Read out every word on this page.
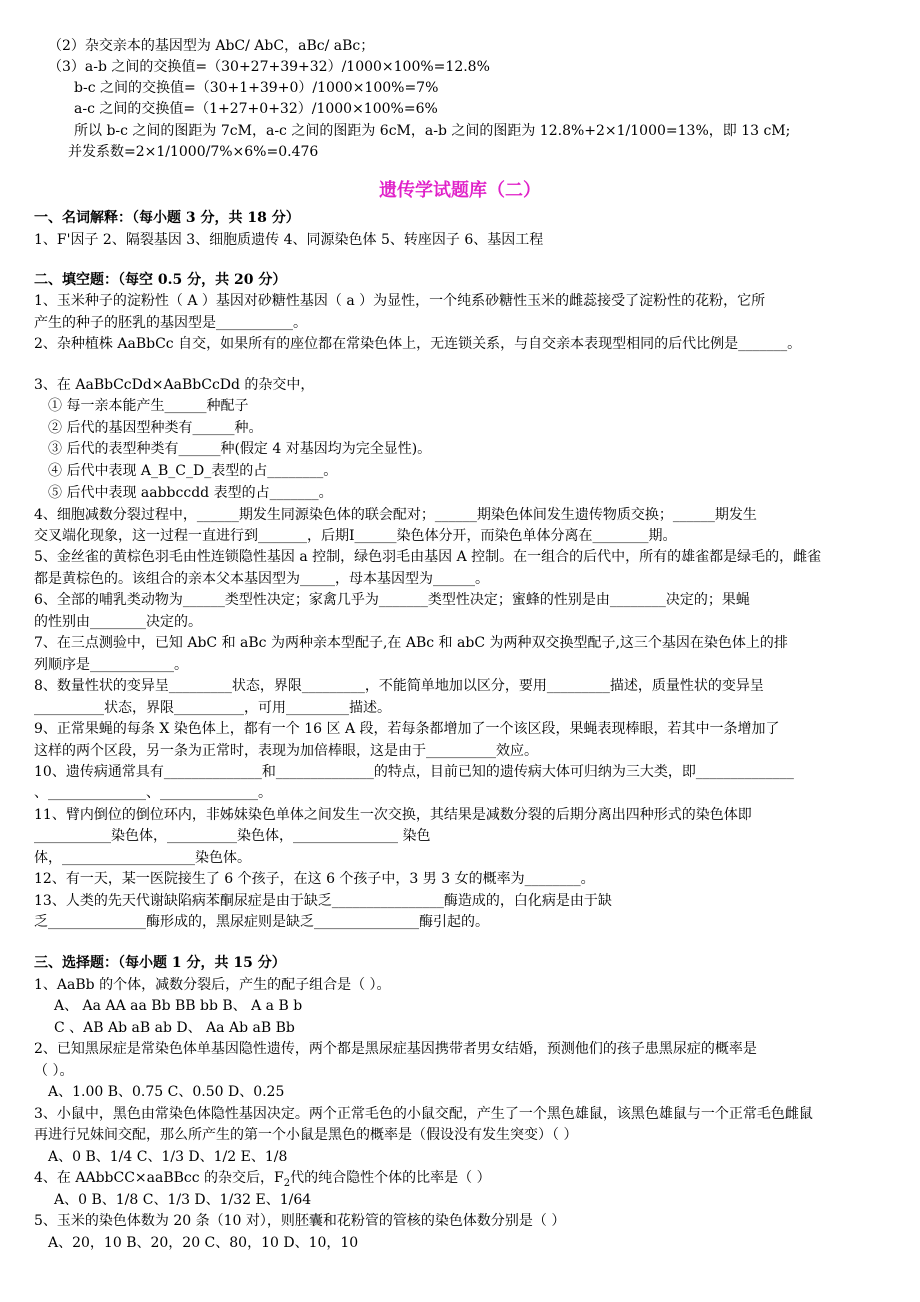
（2）杂交亲本的基因型为 AbC/ AbC，aBc/ aBc；
（3）a-b 之间的交换值=（30+27+39+32）/1000×100%=12.8%
b-c 之间的交换值=（30+1+39+0）/1000×100%=7%
a-c 之间的交换值=（1+27+0+32）/1000×100%=6%
所以 b-c 之间的图距为 7cM，a-c 之间的图距为 6cM，a-b 之间的图距为 12.8%+2×1/1000=13%，即 13 cM;
并发系数=2×1/1000/7%×6%=0.476
遗传学试题库（二）
一、名词解释：（每小题 3 分，共 18 分）
1、F'因子 2、隔裂基因 3、细胞质遗传 4、同源染色体 5、转座因子 6、基因工程
二、填空题：（每空 0.5 分，共 20 分）
1、玉米种子的淀粉性（ A ）基因对砂糖性基因（ a ）为显性，一个纯系砂糖性玉米的雌蕊接受了淀粉性的花粉，它所
产生的种子的胚乳的基因型是___________。
2、杂种植株 AaBbCc 自交，如果所有的座位都在常染色体上，无连锁关系，与自交亲本表现型相同的后代比例是_______。
3、在 AaBbCcDd×AaBbCcDd 的杂交中，
① 每一亲本能产生______种配子
② 后代的基因型种类有______种。
③ 后代的表型种类有______种(假定 4 对基因均为完全显性)。
④ 后代中表现 A_B_C_D_表型的占________。
⑤ 后代中表现 aabbccdd 表型的占_______。
4、细胞减数分裂过程中，______期发生同源染色体的联会配对；______期染色体间发生遗传物质交换；______期发生
交叉端化现象，这一过程一直进行到_______，后期Ⅰ______染色体分开，而染色单体分离在________期。
5、金丝雀的黄棕色羽毛由性连锁隐性基因 a 控制，绿色羽毛由基因 A 控制。在一组合的后代中，所有的雄雀都是绿毛的，雌雀
都是黄棕色的。该组合的亲本父本基因型为_____，母本基因型为______。
6、全部的哺乳类动物为______类型性决定；家禽几乎为_______类型性决定；蜜蜂的性别是由________决定的；果蝇
的性别由________决定的。
7、在三点测验中，已知 AbC 和 aBc 为两种亲本型配子,在 ABc 和 abC 为两种双交换型配子,这三个基因在染色体上的排
列顺序是____________。
8、数量性状的变异呈_________状态，界限_________，不能简单地加以区分，要用_________描述，质量性状的变异呈
__________状态，界限__________，可用_________描述。
9、正常果蝇的每条 X 染色体上，都有一个 16 区 A 段，若每条都增加了一个该区段，果蝇表现棒眼，若其中一条增加了
这样的两个区段，另一条为正常时，表现为加倍棒眼，这是由于__________效应。
10、遗传病通常具有______________和______________的特点，目前已知的遗传病大体可归纳为三大类，即______________
、______________、______________。
11、臂内倒位的倒位环内，非姊妹染色单体之间发生一次交换，其结果是减数分裂的后期分离出四种形式的染色体即
___________染色体，__________染色体，_______________ 染色
体，___________________染色体。
12、有一天，某一医院接生了 6 个孩子，在这 6 个孩子中，3 男 3 女的概率为________。
13、人类的先天代谢缺陷病苯酮尿症是由于缺乏________________酶造成的，白化病是由于缺
乏______________酶形成的，黑尿症则是缺乏_______________酶引起的。
三、选择题：（每小题 1 分，共 15 分）
1、AaBb 的个体，减数分裂后，产生的配子组合是（ ）。
A、 Aa AA aa Bb BB bb B、 A a B b
C 、AB Ab aB ab D、 Aa Ab aB Bb
2、已知黑尿症是常染色体单基因隐性遗传，两个都是黑尿症基因携带者男女结婚，预测他们的孩子患黑尿症的概率是
（ ）。
A、1.00 B、0.75 C、0.50 D、0.25
3、小鼠中，黑色由常染色体隐性基因决定。两个正常毛色的小鼠交配，产生了一个黑色雄鼠，该黑色雄鼠与一个正常毛色雌鼠
再进行兄妹间交配，那么所产生的第一个小鼠是黑色的概率是（假设没有发生突变）（ ）
A、0 B、1/4 C、1/3 D、1/2 E、1/8
4、在 AAbbCC×aaBBcc 的杂交后，$F_2$代的纯合隐性个体的比率是（ ）
A、0 B、1/8 C、1/3 D、1/32 E、1/64
5、玉米的染色体数为 20 条（10 对），则胚囊和花粉管的管核的染色体数分别是（ ）
A、20，10 B、20，20 C、80，10 D、10，10
